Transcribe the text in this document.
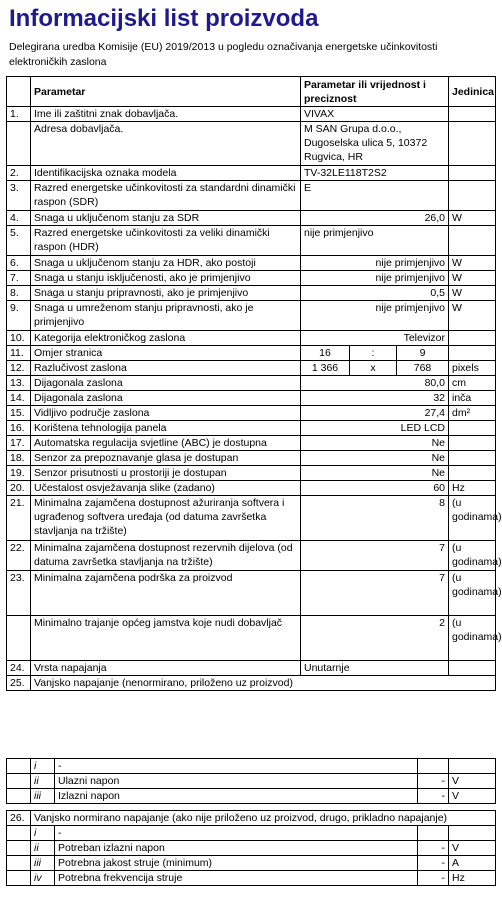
Informacijski list proizvoda
Delegirana uredba Komisije (EU) 2019/2013 u pogledu označivanja energetske učinkovitosti elektroničkih zaslona
	Parametar	Parametar ili vrijednost i preciznost			Jedinica
1.	Ime ili zaštitni znak dobavljača.	VIVAX			
	Adresa dobavljača.	M SAN Grupa d.o.o., Dugoselska ulica 5, 10372 Rugvica, HR			
2.	Identifikacijska oznaka modela	TV-32LE118T2S2			
3.	Razred energetske učinkovitosti za standardni dinamički raspon (SDR)	E			
4.	Snaga u uključenom stanju za SDR	26,0			W
5.	Razred energetske učinkovitosti za veliki dinamički raspon (HDR)	nije primjenjivo			
6.	Snaga u uključenom stanju za HDR, ako postoji	nije primjenjivo			W
7.	Snaga u stanju isključenosti, ako je primjenjivo	nije primjenjivo			W
8.	Snaga u stanju pripravnosti, ako je primjenjivo	0,5			W
9.	Snaga u umreženom stanju pripravnosti, ako je primjenjivo	nije primjenjivo			W
10.	Kategorija elektroničkog zaslona	Televizor			
11.	Omjer stranica	16	:	9	
12.	Razlučivost zaslona	1 366	x	768	pixels
13.	Dijagonala zaslona	80,0			cm
14.	Dijagonala zaslona	32			inča
15.	Vidljivo područje zaslona	27,4			dm²
16.	Korištena tehnologija panela	LED LCD			
17.	Automatska regulacija svjetline (ABC) je dostupna	Ne			
18.	Senzor za prepoznavanje glasa je dostupan	Ne			
19.	Senzor prisutnosti u prostoriji je dostupan	Ne			
20.	Učestalost osvježavanja slike (zadano)	60			Hz
21.	Minimalna zajamčena dostupnost ažuriranja softvera i ugrađenog softvera uređaja (od datuma završetka stavljanja na tržište)	8			(u godinama)
22.	Minimalna zajamčena dostupnost rezervnih dijelova (od datuma završetka stavljanja na tržište)	7			(u godinama)
23.	Minimalna zajamčena podrška za proizvod	7			(u godinama)
	Minimalno trajanje općeg jamstva koje nudi dobavljač	2			(u godinama)
24.	Vrsta napajanja	Unutarnje			
25.	Vanjsko napajanje (nenormirano, priloženo uz proizvod)				
	i	-		
	ii	Ulazni napon	-	V
	iii	Izlazni napon	-	V
26.	Vanjsko normirano napajanje (ako nije priloženo uz proizvod, drugo, prikladno napajanje)			
	i	-		
	ii	Potreban izlazni napon	-	V
	iii	Potrebna jakost struje (minimum)	-	A
	iv	Potrebna frekvencija struje	-	Hz
